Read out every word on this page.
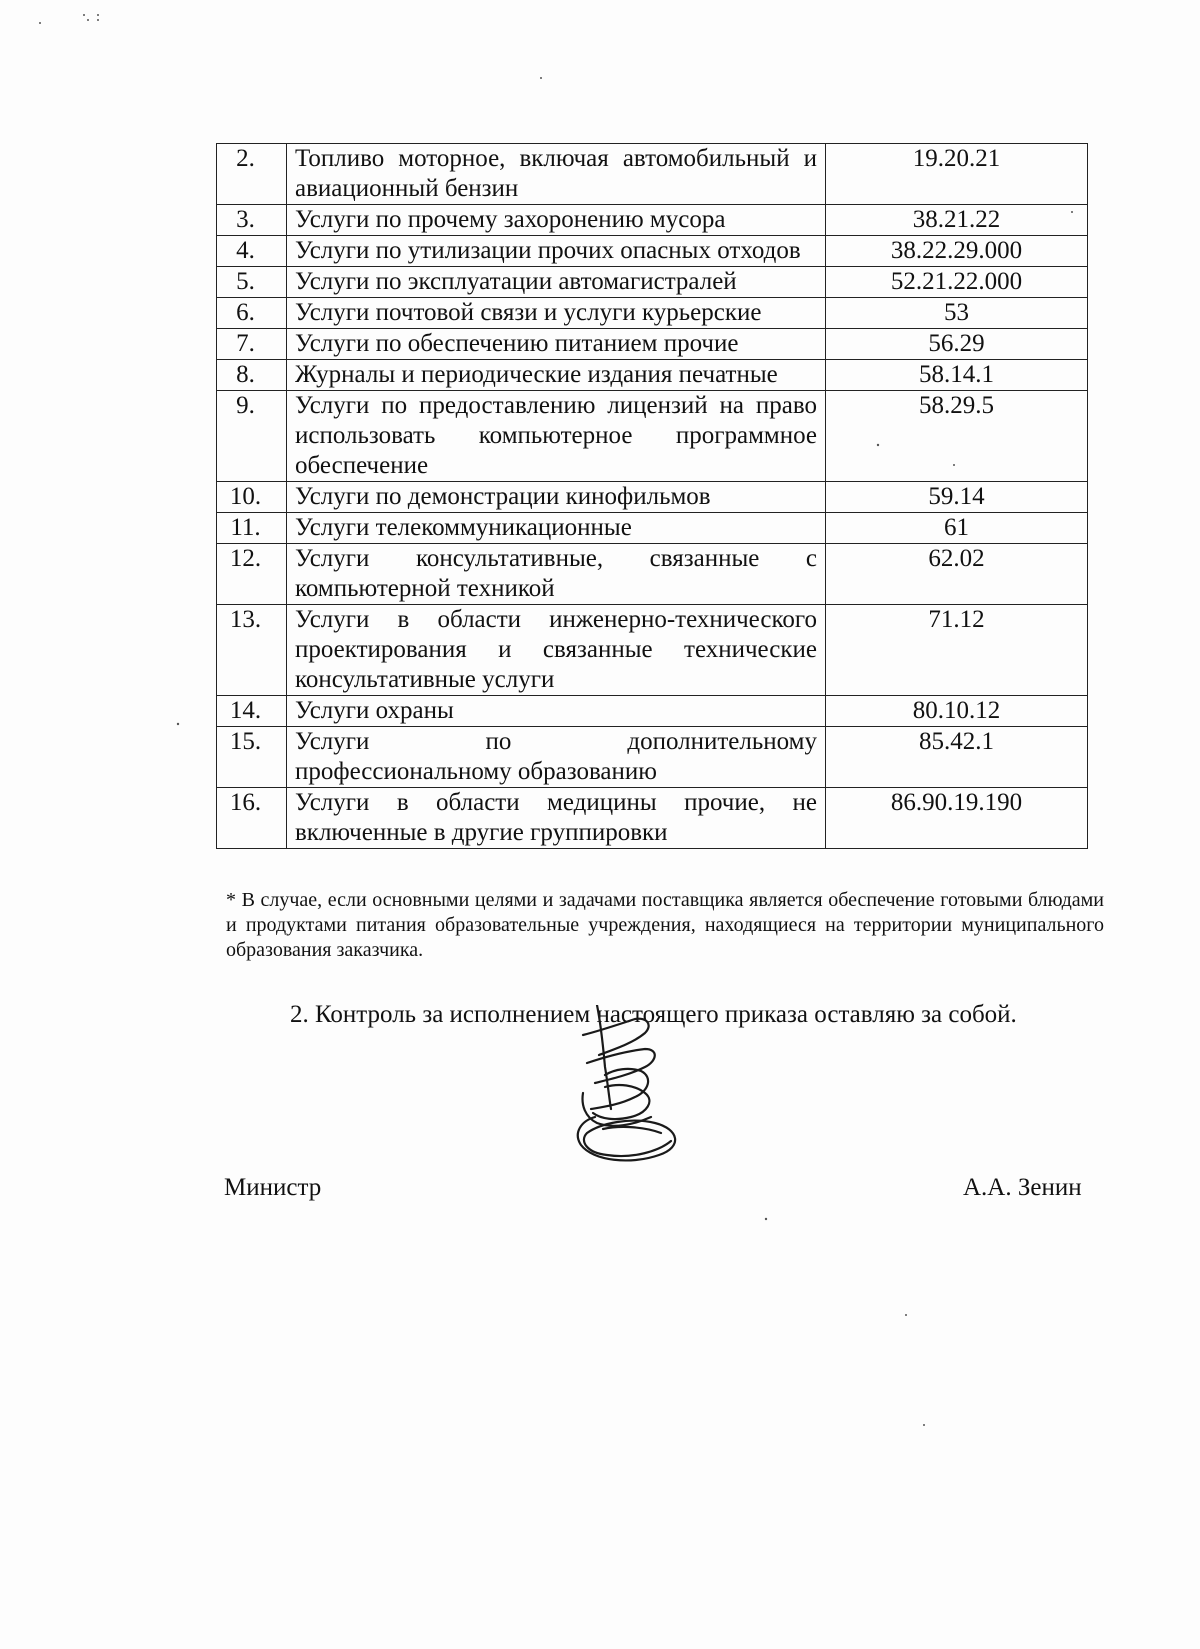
2.	Топливо моторное, включая автомобильный и авиационный бензин	19.20.21
3.	Услуги по прочему захоронению мусора	38.21.22
4.	Услуги по утилизации прочих опасных отходов	38.22.29.000
5.	Услуги по эксплуатации автомагистралей	52.21.22.000
6.	Услуги почтовой связи и услуги курьерские	53
7.	Услуги по обеспечению питанием прочие	56.29
8.	Журналы и периодические издания печатные	58.14.1
9.	Услуги по предоставлению лицензий на право использовать компьютерное программное обеспечение	58.29.5
10.	Услуги по демонстрации кинофильмов	59.14
11.	Услуги телекоммуникационные	61
12.	Услуги консультативные, связанные с компьютерной техникой	62.02
13.	Услуги в области инженерно-технического проектирования и связанные технические консультативные услуги	71.12
14.	Услуги охраны	80.10.12
15.	Услуги по дополнительному профессиональному образованию	85.42.1
16.	Услуги в области медицины прочие, не включенные в другие группировки	86.90.19.190
* В случае, если основными целями и задачами поставщика является обеспечение готовыми блюдами и продуктами питания образовательные учреждения, находящиеся на территории муниципального образования заказчика.
2. Контроль за исполнением настоящего приказа оставляю за собой.
Министр	А.А. Зенин
